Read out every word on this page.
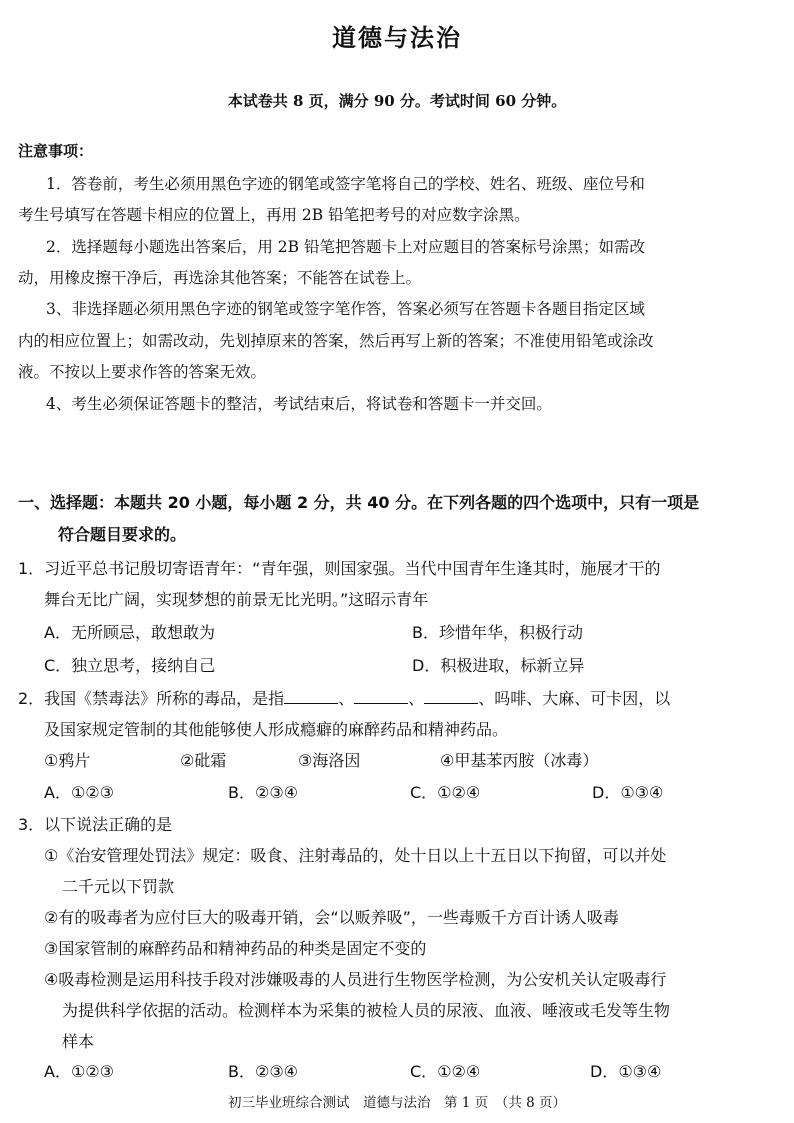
道德与法治
本试卷共 8 页，满分 90 分。考试时间 60 分钟。
注意事项：
1．答卷前，考生必须用黑色字迹的钢笔或签字笔将自己的学校、姓名、班级、座位号和
考生号填写在答题卡相应的位置上，再用 2B 铅笔把考号的对应数字涂黑。
2．选择题每小题选出答案后，用 2B 铅笔把答题卡上对应题目的答案标号涂黑；如需改
动，用橡皮擦干净后，再选涂其他答案；不能答在试卷上。
3、非选择题必须用黑色字迹的钢笔或签字笔作答，答案必须写在答题卡各题目指定区域
内的相应位置上；如需改动，先划掉原来的答案，然后再写上新的答案；不准使用铅笔或涂改
液。不按以上要求作答的答案无效。
4、考生必须保证答题卡的整洁，考试结束后，将试卷和答题卡一并交回。
一、选择题：本题共 20 小题，每小题 2 分，共 40 分。在下列各题的四个选项中，只有一项是
符合题目要求的。
1．习近平总书记殷切寄语青年：“青年强，则国家强。当代中国青年生逢其时，施展才干的
舞台无比广阔，实现梦想的前景无比光明。”这昭示青年
A．无所顾忌，敢想敢为	B．珍惜年华，积极行动
C．独立思考，接纳自己	D．积极进取，标新立异
2．我国《禁毒法》所称的毒品，是指	、	、	、吗啡、大麻、可卡因，以
及国家规定管制的其他能够使人形成瘾癖的麻醉药品和精神药品。
①鸦片	②砒霜	③海洛因	④甲基苯丙胺（冰毒）
A．①②③	B．②③④	C．①②④	D．①③④
3．以下说法正确的是
①《治安管理处罚法》规定：吸食、注射毒品的，处十日以上十五日以下拘留，可以并处
二千元以下罚款
②有的吸毒者为应付巨大的吸毒开销，会“以贩养吸”，一些毒贩千方百计诱人吸毒
③国家管制的麻醉药品和精神药品的种类是固定不变的
④吸毒检测是运用科技手段对涉嫌吸毒的人员进行生物医学检测，为公安机关认定吸毒行
为提供科学依据的活动。检测样本为采集的被检人员的尿液、血液、唾液或毛发等生物
样本
A．①②③	B．②③④	C．①②④	D．①③④
初三毕业班综合测试　道德与法治　第 1 页　（共 8 页）
